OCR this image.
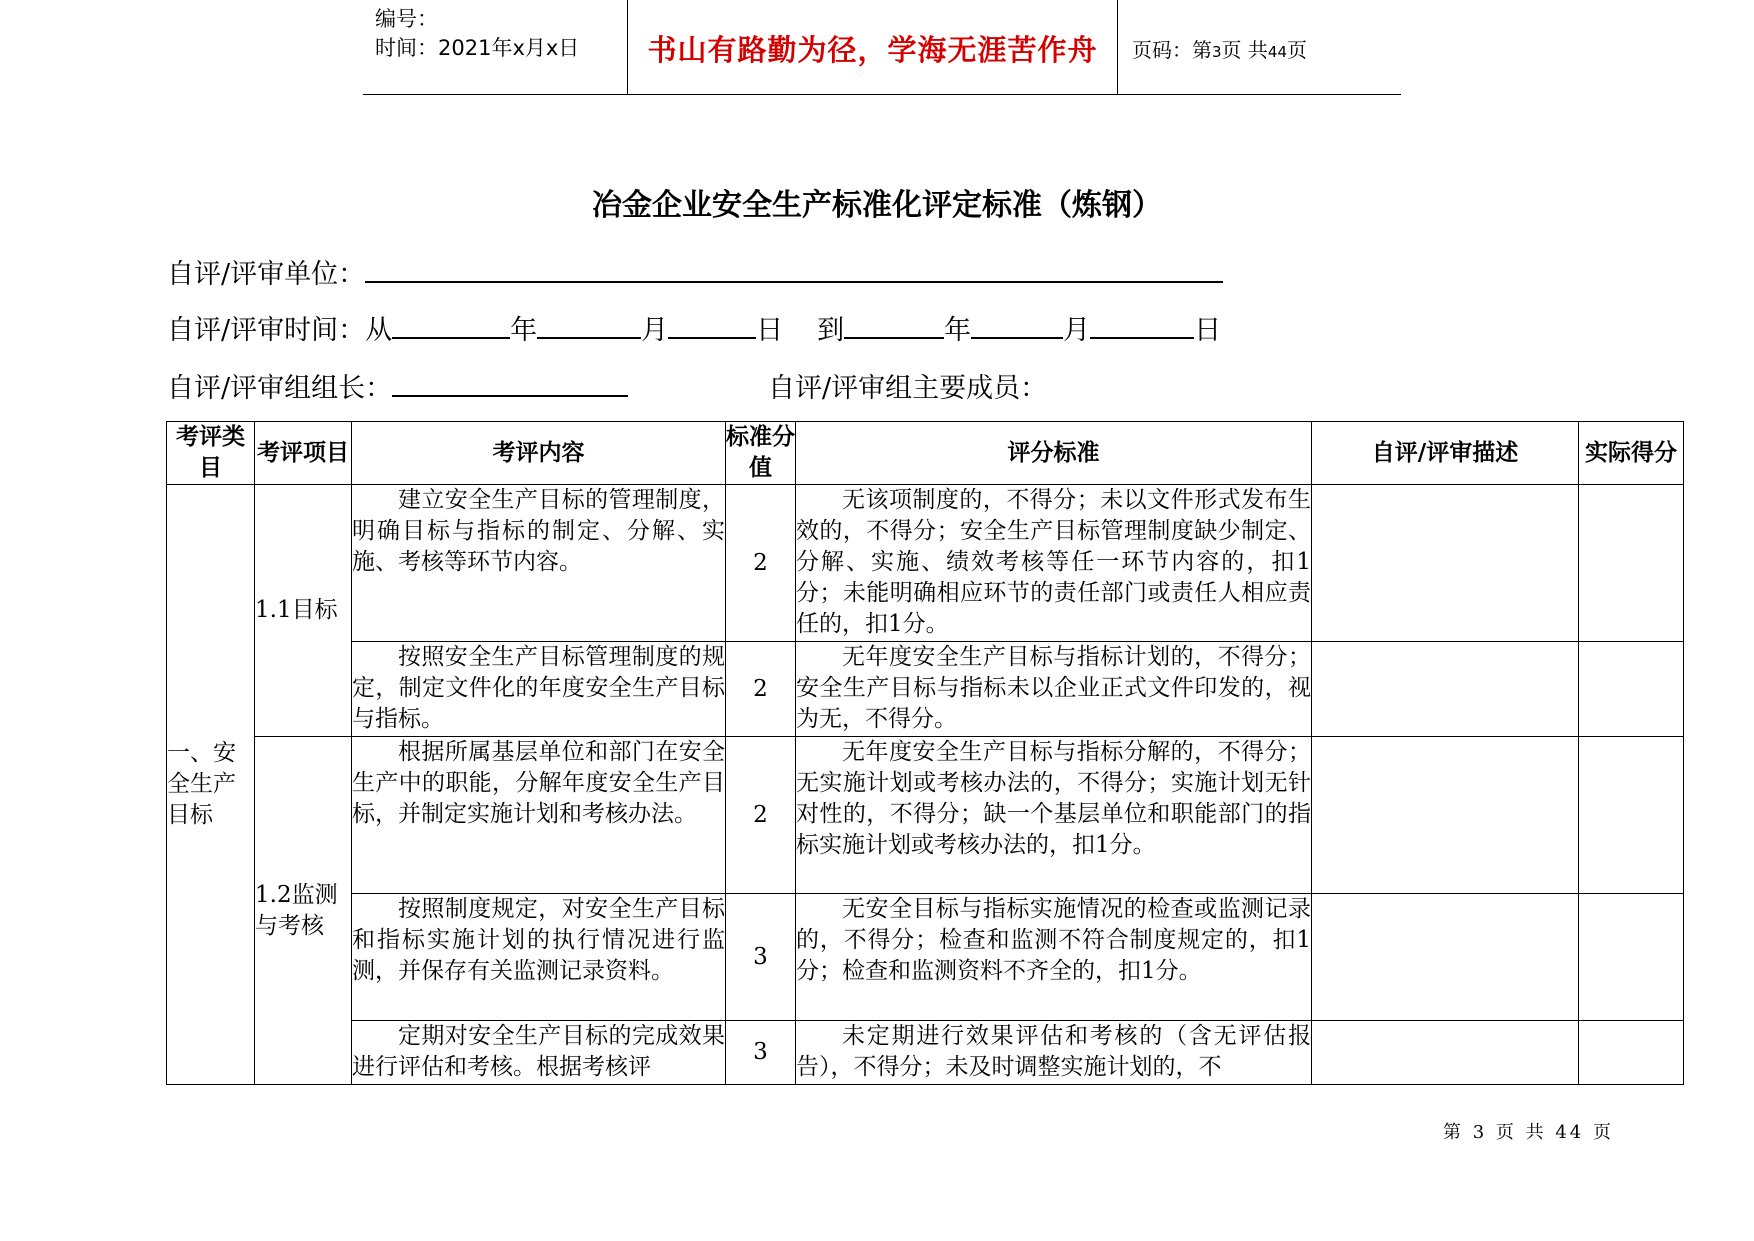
编号：
时间：2021年x月x日	书山有路勤为径，学海无涯苦作舟	页码：第3页 共44页
冶金企业安全生产标准化评定标准（炼钢）
自评/评审单位：
自评/评审时间：从	年	月	日 到	年	月	日
自评/评审组组长：	自评/评审组主要成员：
考评类目	考评项目	考评内容	标准分值	评分标准	自评/评审描述	实际得分
一、安全生产目标	1.1目标	建立安全生产目标的管理制度，明确目标与指标的制定、分解、实施、考核等环节内容。	2	无该项制度的，不得分；未以文件形式发布生效的，不得分；安全生产目标管理制度缺少制定、分解、实施、绩效考核等任一环节内容的，扣1分；未能明确相应环节的责任部门或责任人相应责任的，扣1分。		
		按照安全生产目标管理制度的规定，制定文件化的年度安全生产目标与指标。	2	无年度安全生产目标与指标计划的，不得分；安全生产目标与指标未以企业正式文件印发的，视为无，不得分。		
	1.2监测与考核	根据所属基层单位和部门在安全生产中的职能，分解年度安全生产目标，并制定实施计划和考核办法。	2	无年度安全生产目标与指标分解的，不得分；无实施计划或考核办法的，不得分；实施计划无针对性的，不得分；缺一个基层单位和职能部门的指标实施计划或考核办法的，扣1分。		
		按照制度规定，对安全生产目标和指标实施计划的执行情况进行监测，并保存有关监测记录资料。	3	无安全目标与指标实施情况的检查或监测记录的，不得分；检查和监测不符合制度规定的，扣1分；检查和监测资料不齐全的，扣1分。		
		定期对安全生产目标的完成效果进行评估和考核。根据考核评	3	未定期进行效果评估和考核的（含无评估报告），不得分；未及时调整实施计划的，不		
第 3 页 共 44 页
